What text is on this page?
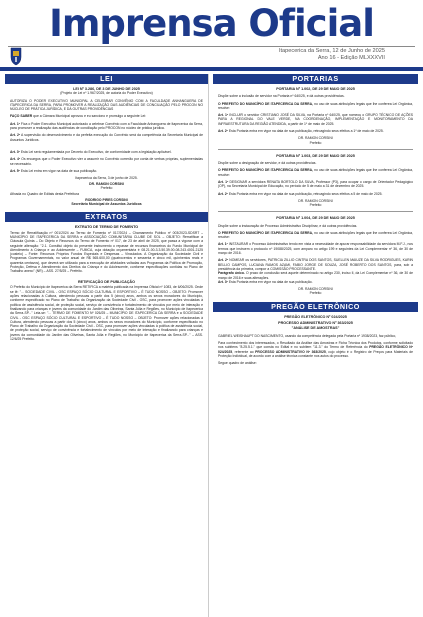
Imprensa Oficial
Itapecerica da Serra, 12 de Junho de 2025
Ano 16 - Edição MLXXXVII
LEI
LEI Nº 3.286, DE 3 DE JUNHO DE 2025
(Projeto de Lei nº 1.967/2025, de autoria do Poder Executivo)
AUTORIZA O PODER EXECUTIVO MUNICIPAL A CELEBRAR CONVÊNIO COM A FACULDADE ANHANGUERA DE ITAPECERICA DA SERRA, PARA PROMOVER A REALIZAÇÃO DAS AUDIÊNCIAS DE CONCILIAÇÃO PELO PROCON NO NÚCLEO DE PRÁTICA JURÍDICA, E DÁ OUTRAS PROVIDÊNCIAS
FAÇO SABER que a Câmara Municipal aprovou e eu sanciono e promulgo a seguinte Lei:
Art. 1º Fica o Poder Executivo Municipal autorizado a celebrar Convênio com a Faculdade Anhanguera de Itapecerica da Serra, para promover a realização das audiências de conciliação pelo PROCON no núcleo de prática jurídica.
Art. 2º A supervisão do desenvolvimento e da perfeita execução do Convênio será da competência da Secretaria Municipal de Assuntos Jurídicos.
Art. 3º Esta Lei será regulamentada por Decreto do Executivo, de conformidade com a legislação aplicável.
Art. 4º Os encargos que o Poder Executivo vier a assumir no Convênio correrão por conta de verbas próprias, suplementadas se necessário.
Art. 5º Esta Lei entra em vigor na data de sua publicação.
Itapecerica da Serra, 3 de junho de 2025.
DR. RAMON CORSINI
Prefeito
Afixada no Quadro de Editais desta Prefeitura
RODRIGO PIRES CORSINI
Secretário Municipal de Assuntos Jurídicos
EXTRATOS
EXTRATO DE TERMO DE FOMENTO
Termo de Rerratificação nº 001/2024 ao Termo de Fomento nº 017/2024 – Chamamento Público nº 003/2023-SDSRT – MUNICÍPIO DE ITAPECERICA DA SERRA e ASSOCIAÇÃO COMUNITÁRIA CLUBE DE SOL – OBJETO: Rerratificar a Cláusula Quinta – Do Objeto e Recursos do Termo de Fomento nº 017, de 23 de abril de 2025, que passa a vigorar com a seguinte alteração: "2.1. Constitui objeto do presente instrumento o repasse de recursos financeiros do Fundo Municipal de Atendimento à Criança e ao Adolescente – FUMCA, cuja dotação orçamentária é 08.21.00-3.3.50.39.00-08.243.4001.2125 (custeio) – Fonte: Recursos Próprios Fundos Especiais e Despesas – Vinculados. A Organização da Sociedade Civil e Programas Governamentais, no valor anual de R$ 565.600,00 (quatrocentos e sessenta e cinco mil, quinhentos reais e quarenta centavos), que deverá ser utilizado para a execução de atividades voltadas aos Programas da Política de Promoção, Proteção, Defesa e Atendimento dos Direitos da Criança e do Adolescente, conforme especificações contidas no Plano de Trabalho anexo" (NR) – ASS. 27/5/25 – Prefeito.
RETIFICAÇÃO DE PUBLICAÇÃO
O Prefeito do Município de Itapecerica da Serra RETIFICA a matéria publicada na Imprensa Oficial nº 1083, de 6/06/2025. Onde se lê: "... SOCIEDADE CIVIL - OSC ESPAÇO SÓCIO CULTURAL E ESPORTIVO – É TUDO NOSSO – OBJETO: Promover ações relacionadas à Cultura, atendendo pessoas a partir dos 5 (cinco) anos, ambos os sexos moradores do Município, conforme especificado no Plano de Trabalho da Organização da Sociedade Civil - OSC, para promover ações vinculadas à política de assistência social, de proteção social, serviço de convivência e fortalecimento de vínculos por meio de interação e finalizando para crianças e jovens da comunidade do Jardim das Oliveiras, Santa Júlia e Regiões, no Município de Itapecerica da Serra-SP..." Leia-se: "... TERMO DE FOMENTO Nº 026/25 – MUNICÍPIO DE ITAPECERICA DA SERRA e a SOCIEDADE CIVIL - OSC ESPAÇO SÓCIO CULTURAL E ESPORTIVO – É TUDO NOSSO – OBJETO: Promover ações relacionadas à Cultura, atendendo pessoas a partir dos 5 (cinco) anos, ambos os sexos moradores do Município, conforme especificado no Plano de Trabalho da Organização da Sociedade Civil - OSC, para promover ações vinculadas à política de assistência social, de proteção social, serviço de convivência e fortalecimento de vínculos por meio de interação e finalizando para crianças e jovens da comunidade do Jardim das Oliveiras, Santa Júlia e Regiões, no Município de Itapecerica da Serra-SP..." – ASS. 12/6/25 Prefeito.
PORTARIAS
PORTARIA Nº 1.002, DE 29 DE MAIO DE 2025
Dispõe sobre a inclusão de servidor na Portaria nº 640/25, e dá outras providências.
O PREFEITO DO MUNICÍPIO DE ITAPECERICA DA SERRA, no uso de suas atribuições legais que lhe conferea Lei Orgânica, resolve:
Art. 1º INCLUIR o servidor CRISTIANO JOSÉ DA SILVA, na Portaria nº 640/25, que nomeou o GRUPO TÉCNICO DE AÇÕES PARA A REGIONAL DO VALE VERDE, NA COORDENAÇÃO, IMPLEMENTAÇÃO E MONITORAMENTO DA INFRAESTRUTURA DA REGIÃO ATENDIDA, a partir de 1º de maio de 2025.
Art. 2º Esta Portaria entra em vigor na data de sua publicação, retroagindo seus efeitos a 1º de maio de 2025.
DR. RAMON CORSINI
Prefeito
PORTARIA Nº 1.003, DE 29 DE MAIO DE 2025
Dispõe sobre a designação de servidor, e dá outras providências.
O PREFEITO DO MUNICÍPIO DE ITAPECERICA DA SERRA, no uso de suas atribuições legais que lhe conferea Lei Orgânica, resolve:
Art. 1º DESIGNAR a servidora RENATA BORTOLO DA SILVA, Professor (P3), para ocupar o cargo de Orientador Pedagógico (OP), na Secretaria Municipal de Educação, no período de 5 de maio a 31 de dezembro de 2025.
Art. 2º Esta Portaria entra em vigor na data de sua publicação, retroagindo seus efeitos a 5 de maio de 2025.
DR. RAMON CORSINI
Prefeito
PORTARIA Nº 1.004, DE 29 DE MAIO DE 2025
Dispõe sobre a instauração de Processo Administrativo Disciplinar, e dá outras providências.
O PREFEITO DO MUNICÍPIO DE ITAPECERICA DA SERRA, no uso de suas atribuições legais que lhe conferea Lei Orgânica, resolve:
Art. 1º INSTAURAR o Processo Administrativo tendo em vista a necessidade de apurar responsabilidade da servidora M.F.J., nos termos que instruem o protocolo nº 19088/2025, com amparo no artigo 199 e seguintes da Lei Complementar nº 36, de 30 de março de 2016.
Art. 2º NOMEAR os servidores, PATRICIA ZILLIO CINTRA DOS SANTOS, SUELLEN MAIUZE DA SILVA RODRIGUES, KARIN BELLIO CAMPOS, LUCIANA RAMOS AZAMI, FABIO JORGE DE SOUZA, JOSÉ ROBERTO DOS SANTOS, para, sob a presidência da primeira, compor a COMISSÃO PROCESSANTE.
Parágrafo único. O prazo de conclusão será aquele determinado no artigo 230, inciso II, da Lei Complementar nº 36, de 30 de março de 2016 e suas alterações.
Art. 3º Esta Portaria entra em vigor na data de sua publicação.
DR. RAMON CORSINI
Prefeito
PREGÃO ELETRÔNICO
PREGÃO ELETRÔNICO Nº 024/2025
PROCESSO ADMINISTRATIVO Nº 363/2025
"ANÁLISE DE AMOSTRAS"
GABRIEL WEISHAUPT DO NASCIMENTO, usando da competência delegada pela Portaria nº 1938/2023, faz público,
Para conhecimento dos interessados, o Resultado da Análise das Amostras e Ficha Técnica dos Produtos, conforme solicitado nos subitens "8.25.5.1." que consta no Edital e no subitem "11.3." do Termo de Referência do PREGÃO ELETRÔNICO Nº 024/2025, referente ao PROCESSO ADMINISTRATIVO Nº 363/2025, cujo objeto é o Registro de Preços para Materiais de Proteção Individual, de acordo com a análise técnica constante nos autos do processo.
Segue quadro de análise:
